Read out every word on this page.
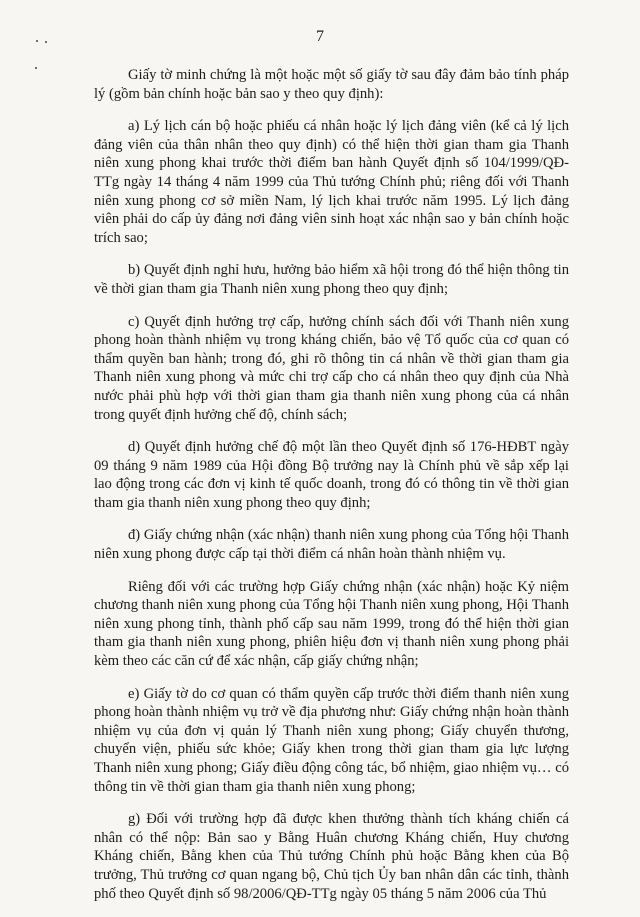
7

Giấy tờ minh chứng là một hoặc một số giấy tờ sau đây đảm bảo tính pháp lý (gồm bản chính hoặc bản sao y theo quy định):

a) Lý lịch cán bộ hoặc phiếu cá nhân hoặc lý lịch đảng viên (kể cả lý lịch đảng viên của thân nhân theo quy định) có thể hiện thời gian tham gia Thanh niên xung phong khai trước thời điểm ban hành Quyết định số 104/1999/QĐ-TTg ngày 14 tháng 4 năm 1999 của Thủ tướng Chính phủ; riêng đối với Thanh niên xung phong cơ sở miền Nam, lý lịch khai trước năm 1995. Lý lịch đảng viên phải do cấp ủy đảng nơi đảng viên sinh hoạt xác nhận sao y bản chính hoặc trích sao;

b) Quyết định nghỉ hưu, hưởng bảo hiểm xã hội trong đó thể hiện thông tin về thời gian tham gia Thanh niên xung phong theo quy định;

c) Quyết định hưởng trợ cấp, hưởng chính sách đối với Thanh niên xung phong hoàn thành nhiệm vụ trong kháng chiến, bảo vệ Tổ quốc của cơ quan có thẩm quyền ban hành; trong đó, ghi rõ thông tin cá nhân về thời gian tham gia Thanh niên xung phong và mức chi trợ cấp cho cá nhân theo quy định của Nhà nước phải phù hợp với thời gian tham gia thanh niên xung phong của cá nhân trong quyết định hưởng chế độ, chính sách;

d) Quyết định hưởng chế độ một lần theo Quyết định số 176-HĐBT ngày 09 tháng 9 năm 1989 của Hội đồng Bộ trưởng nay là Chính phủ về sắp xếp lại lao động trong các đơn vị kinh tế quốc doanh, trong đó có thông tin về thời gian tham gia thanh niên xung phong theo quy định;

đ) Giấy chứng nhận (xác nhận) thanh niên xung phong của Tổng hội Thanh niên xung phong được cấp tại thời điểm cá nhân hoàn thành nhiệm vụ.

Riêng đối với các trường hợp Giấy chứng nhận (xác nhận) hoặc Kỷ niệm chương thanh niên xung phong của Tổng hội Thanh niên xung phong, Hội Thanh niên xung phong tỉnh, thành phố cấp sau năm 1999, trong đó thể hiện thời gian tham gia thanh niên xung phong, phiên hiệu đơn vị thanh niên xung phong phải kèm theo các căn cứ để xác nhận, cấp giấy chứng nhận;

e) Giấy tờ do cơ quan có thẩm quyền cấp trước thời điểm thanh niên xung phong hoàn thành nhiệm vụ trở về địa phương như: Giấy chứng nhận hoàn thành nhiệm vụ của đơn vị quản lý Thanh niên xung phong; Giấy chuyển thương, chuyển viện, phiếu sức khỏe; Giấy khen trong thời gian tham gia lực lượng Thanh niên xung phong; Giấy điều động công tác, bổ nhiệm, giao nhiệm vụ… có thông tin về thời gian tham gia thanh niên xung phong;

g) Đối với trường hợp đã được khen thưởng thành tích kháng chiến cá nhân có thể nộp: Bản sao y Bằng Huân chương Kháng chiến, Huy chương Kháng chiến, Bằng khen của Thủ tướng Chính phủ hoặc Bằng khen của Bộ trưởng, Thủ trưởng cơ quan ngang bộ, Chủ tịch Ủy ban nhân dân các tỉnh, thành phố theo Quyết định số 98/2006/QĐ-TTg ngày 05 tháng 5 năm 2006 của Thủ
